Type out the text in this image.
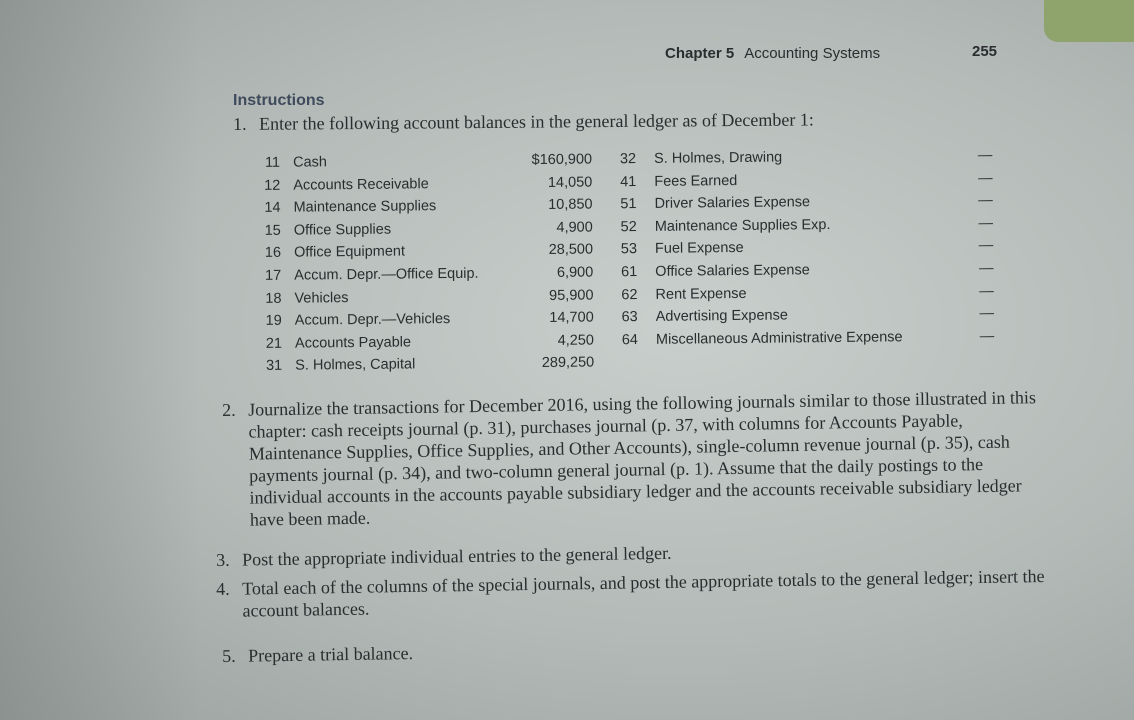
Chapter 5 Accounting Systems	255
Instructions
1. Enter the following account balances in the general ledger as of December 1:
11 Cash	$160,900	32 S. Holmes, Drawing	—
12 Accounts Receivable	14,050	41 Fees Earned	—
14 Maintenance Supplies	10,850	51 Driver Salaries Expense	—
15 Office Supplies	4,900	52 Maintenance Supplies Exp.	—
16 Office Equipment	28,500	53 Fuel Expense	—
17 Accum. Depr.—Office Equip.	6,900	61 Office Salaries Expense	—
18 Vehicles	95,900	62 Rent Expense	—
19 Accum. Depr.—Vehicles	14,700	63 Advertising Expense	—
21 Accounts Payable	4,250	64 Miscellaneous Administrative Expense	—
31 S. Holmes, Capital	289,250
2. Journalize the transactions for December 2016, using the following journals similar to those illustrated in this chapter: cash receipts journal (p. 31), purchases journal (p. 37, with columns for Accounts Payable, Maintenance Supplies, Office Supplies, and Other Accounts), single-column revenue journal (p. 35), cash payments journal (p. 34), and two-column general journal (p. 1). Assume that the daily postings to the individual accounts in the accounts payable subsidiary ledger and the accounts receivable subsidiary ledger have been made.
3. Post the appropriate individual entries to the general ledger.
4. Total each of the columns of the special journals, and post the appropriate totals to the general ledger; insert the account balances.
5. Prepare a trial balance.
